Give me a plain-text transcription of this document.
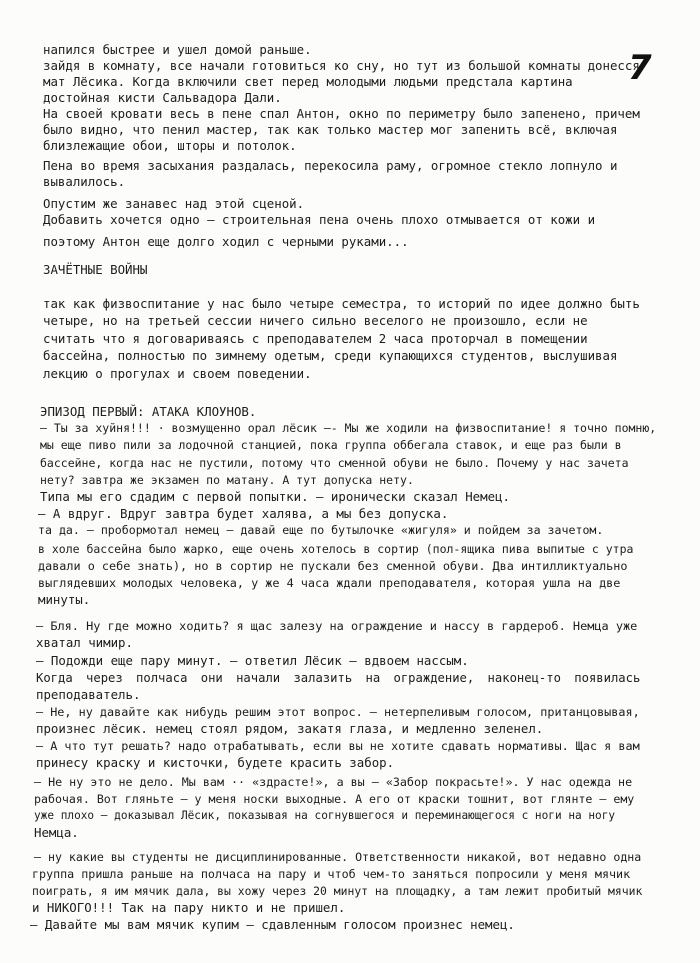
7
напился быстрее и ушел домой раньше.
зайдя в комнату, все начали готовиться ко сну, но тут из большой комнаты донесся
мат Лёсика. Когда включили свет перед молодыми людьми предстала картина
достойная кисти Сальвадора Дали.
На своей кровати весь в пене спал Антон, окно по периметру было запенено, причем
было видно, что пенил мастер, так как только мастер мог запенить всё, включая
близлежащие обои, шторы и потолок.
Пена во время засыхания раздалась, перекосила раму, огромное стекло лопнуло и
вывалилось.
Опустим же занавес над этой сценой.
Добавить хочется одно – строительная пена очень плохо отмывается от кожи и
поэтому Антон еще долго ходил с черными руками...
ЗАЧЁТНЫЕ ВОЙНЫ
так как физвоспитание у нас было четыре семестра, то историй по идее должно быть
четыре, но на третьей сессии ничего сильно веселого не произошло, если не
считать что я договариваясь с преподавателем 2 часа проторчал в помещении
бассейна, полностью по зимнему одетым, среди купающихся студентов, выслушивая
лекцию о прогулах и своем поведении.
ЭПИЗОД ПЕРВЫЙ: АТАКА КЛОУНОВ.
– Ты за хуйня!!! · возмущенно орал лёсик –- Мы же ходили на физвоспитание! я точно помню,
мы еще пиво пили за лодочной станцией, пока группа оббегала ставок, и еще раз были в
бассейне, когда нас не пустили, потому что сменной обуви не было. Почему у нас зачета
нету? завтра же экзамен по матану. А тут допуска нету.
Типа мы его сдадим с первой попытки. – иронически сказал Немец.
– А вдруг. Вдруг завтра будет халява, а мы без допуска.
та да. – пробормотал немец – давай еще по бутылочке «жигуля» и пойдем за зачетом.
в холе бассейна было жарко, еще очень хотелось в сортир (пол-ящика пива выпитые с утра
давали о себе знать), но в сортир не пускали без сменной обуви. Два интилликтуально
выглядевших молодых человека, у же 4 часа ждали преподавателя, которая ушла на две
минуты.
– Бля. Ну где можно ходить? я щас залезу на ограждение и нассу в гардероб. Немца уже
хватал чимир.
– Подожди еще пару минут. – ответил Лёсик – вдвоем нассым.
Когда через полчаса они начали залазить на ограждение, наконец-то появилась
преподаватель.
– Не, ну давайте как нибудь решим этот вопрос. – нетерпеливым голосом, пританцовывая,
произнес лёсик. немец стоял рядом, закатя глаза, и медленно зеленел.
– А что тут решать? надо отрабатывать, если вы не хотите сдавать нормативы. Щас я вам
принесу краску и кисточки, будете красить забор.
– Не ну это не дело. Мы вам ·· «здрасте!», а вы – «Забор покрасьте!». У нас одежда не
рабочая. Вот гляньте – у меня носки выходные. А его от краски тошнит, вот глянте – ему
уже плохо – доказывал Лёсик, показывая на согнувшегося и переминающегося с ноги на ногу
Немца.
– ну какие вы студенты не дисциплинированные. Ответственности никакой, вот недавно одна
группа пришла раньше на полчаса на пару и чтоб чем-то заняться попросили у меня мячик
поиграть, я им мячик дала, вы хожу через 20 минут на площадку, а там лежит пробитый мячик
и НИКОГО!!! Так на пару никто и не пришел.
– Давайте мы вам мячик купим – сдавленным голосом произнес немец.
